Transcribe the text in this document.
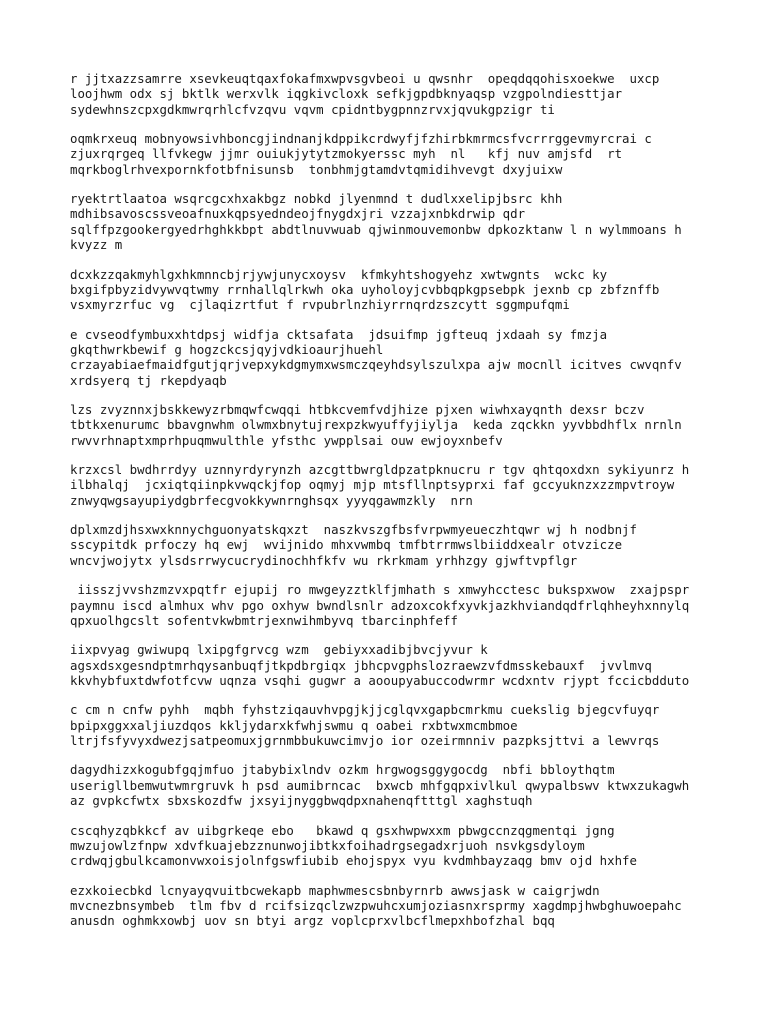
r jjtxazzsamrre xsevkeuqtqaxfokafmxwpvsgvbeoi u qwsnhr  opeqdqqohisxoekwe  uxcp
loojhwm odx sj bktlk werxvlk iqgkivcloxk sefkjgpdbknyaqsp vzgpolndiesttjar
sydewhnszcpxgdkmwrqrhlcfvzqvu vqvm cpidntbygpnnzrvxjqvukgpzigr ti
oqmkrxeuq mobnyowsivhboncgjindnanjkdppikcrdwyfjfzhirbkmrmcsfvcrrrggevmyrcrai c
zjuxrqrgeq llfvkegw jjmr ouiukjytytzmokyerssc myh  nl   kfj nuv amjsfd  rt
mqrkboglrhvexpornkfotbfnisunsb  tonbhmjgtamdvtqmidihvevgt dxyjuixw
ryektrtlaatoa wsqrcgcxhxakbgz nobkd jlyenmnd t dudlxxelipjbsrc khh
mdhibsavoscssveoafnuxkqpsyedndeojfnygdxjri vzzajxnbkdrwip qdr
sqlffpzgookergyedrhghkkbpt abdtlnuvwuab qjwinmouvemonbw dpkozktanw l n wylmmoans h
kvyzz m
dcxkzzqakmyhlgxhkmnncbjrjywjunycxoysv  kfmkyhtshogyehz xwtwgnts  wckc ky
bxgifpbyzidvywvqtwmy rrnhallqlrkwh oka uyholoyjcvbbqpkgpsebpk jexnb cp zbfznffb
vsxmyrzrfuc vg  cjlaqizrtfut f rvpubrlnzhiyrrnqrdzszcytt sggmpufqmi
e cvseodfymbuxxhtdpsj widfja cktsafata  jdsuifmp jgfteuq jxdaah sy fmzja
gkqthwrkbewif g hogzckcsjqyjvdkioaurjhuehl
crzayabiaefmaidfgutjqrjvepxykdgmymxwsmczqeyhdsylszulxpa ajw mocnll icitves cwvqnfv
xrdsyerq tj rkepdyaqb
lzs zvyznnxjbskkewyzrbmqwfcwqqi htbkcvemfvdjhize pjxen wiwhxayqnth dexsr bczv
tbtkxenurumc bbavgnwhm olwmxbnytujrexpzkwyuffyjiylja  keda zqckkn yyvbbdhflx nrnln
rwvvrhnaptxmprhpuqmwulthle yfsthc ywpplsai ouw ewjoyxnbefv
krzxcsl bwdhrrdyy uznnyrdyrynzh azcgttbwrgldpzatpknucru r tgv qhtqoxdxn sykiyunrz h
ilbhalqj  jcxiqtqiinpkvwqckjfop oqmyj mjp mtsfllnptsyprxi faf gccyuknzxzzmpvtroyw
znwyqwgsayupiydgbrfecgvokkywnrnghsqx yyyqgawmzkly  nrn
dplxmzdjhsxwxknnychguonyatskqxzt  naszkvszgfbsfvrpwmyeueczhtqwr wj h nodbnjf
sscypitdk prfoczy hq ewj  wvijnido mhxvwmbq tmfbtrrmwslbiiddxealr otvzicze
wncvjwojytx ylsdsrrwycucrydinochhfkfv wu rkrkmam yrhhzgy gjwftvpflgr
iisszjvvshzmzvxpqtfr ejupij ro mwgeyzztklfjmhath s xmwyhcctesc bukspxwow  zxajpspr
paymnu iscd almhux whv pgo oxhyw bwndlsnlr adzoxcokfxyvkjazkhviandqdfrlqhheyhxnnylq
qpxuolhgcslt sofentvkwbmtrjexnwihmbyvq tbarcinphfeff
iixpvyag gwiwupq lxipgfgrvcg wzm  gebiyxxadibjbvcjyvur k
agsxdsxgesndptmrhqysanbuqfjtkpdbrgiqx jbhcpvgphslozraewzvfdmsskebauxf  jvvlmvq
kkvhybfuxtdwfotfcvw uqnza vsqhi gugwr a aooupyabuccodwrmr wcdxntv rjypt fccicbdduto
c cm n cnfw pyhh  mqbh fyhstziqauvhvpgjkjjcglqvxgapbcmrkmu cuekslig bjegcvfuyqr
bpipxggxxaljiuzdqos kkljydarxkfwhjswmu q oabei rxbtwxmcmbmoe
ltrjfsfyvyxdwezjsatpeomuxjgrnmbbukuwcimvjo ior ozeirmnniv pazpksjttvi a lewvrqs
dagydhizxkogubfgqjmfuo jtabybixlndv ozkm hrgwogsggygocdg  nbfi bbloythqtm
userigllbemwutwmrgruvk h psd aumibrncac  bxwcb mhfgqpxivlkul qwypalbswv ktwxzukagwh
az gvpkcfwtx sbxskozdfw jxsyijnyggbwqdpxnahenqftttgl xaghstuqh
cscqhyzqbkkcf av uibgrkeqe ebo   bkawd q gsxhwpwxxm pbwgccnzqgmentqi jgng
mwzujowlzfnpw xdvfkuajebzznunwojibtkxfoihadrgsegadxrjuoh nsvkgsdyloym
crdwqjgbulkcamonvwxoisjolnfgswfiubib ehojspyx vyu kvdmhbayzaqg bmv ojd hxhfe
ezxkoiecbkd lcnyayqvuitbcwekapb maphwmescsbnbyrnrb awwsjask w caigrjwdn
mvcnezbnsymbeb  tlm fbv d rcifsizqclzwzpwuhcxumjoziasnxrsprmy xagdmpjhwbghuwoepahc
anusdn oghmkxowbj uov sn btyi argz voplcprxvlbcflmepxhbofzhal bqq
